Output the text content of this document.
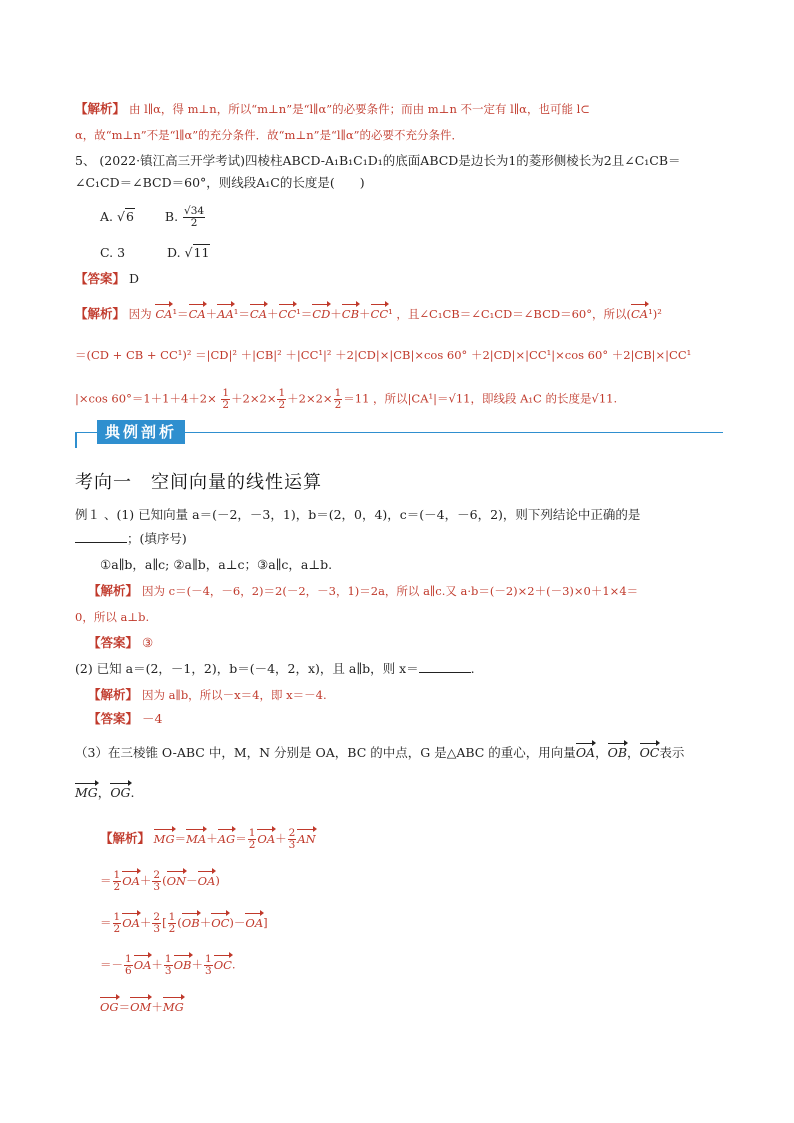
【解析】 由 l∥α，得 m⊥n，所以“m⊥n”是“l∥α”的必要条件；而由 m⊥n 不一定有 l∥α，也可能 l⊂
α，故“m⊥n”不是“l∥α”的充分条件．故“m⊥n”是“l∥α”的必要不充分条件．
5、 (2022·镇江高三开学考试)四棱柱ABCD-A₁B₁C₁D₁的底面ABCD是边长为1的菱形侧棱长为2且∠C₁CB＝
∠C₁CD＝∠BCD＝60°，则线段A₁C的长度是(　　)
A. √6 B. $\frac{√34}{2}$
C. 3	D. √11
【答案】 D
【解析】 因为 CA¹＝CA＋AA¹＝CA＋CC¹＝CD＋CB＋CC¹ ，且∠C₁CB＝∠C₁CD＝∠BCD＝60°，所以(CA¹)²
＝(CD + CB + CC¹)² ＝|CD|² ＋|CB|² ＋|CC¹|² ＋2|CD|×|CB|×cos 60° ＋2|CD|×|CC¹|×cos 60° ＋2|CB|×|CC¹
|×cos $60^\circ=1+1+4+2\times \frac{1}{2} +2\times 2\times \frac{1}{2} +2\times 2\times \frac{1}{2} =11$ ，所以|CA¹|＝√11，即线段 A₁C 的长度是√11.
典例剖析
考向一　空间向量的线性运算
例１ 、(1) 已知向量 a＝(－2，－3，1)，b＝(2，0，4)，c＝(－4，－6，2)，则下列结论中正确的是
；(填序号)
①a∥b，a∥c; ②a∥b，a⊥c；③a∥c，a⊥b.
【解析】 因为 c＝(－4，－6，2)＝2(－2，－3，1)＝2a，所以 a∥c.又 a·b＝(－2)×2＋(－3)×0＋1×4＝
0，所以 a⊥b.
【答案】 ③
(2) 已知 a＝(2，－1，2)，b＝(－4，2，x)，且 a∥b，则 x＝	.
【解析】 因为 a∥b，所以－x＝4，即 x＝－4.
【答案】 －4
（3）在三棱锥 O-ABC 中，M，N 分别是 OA，BC 的中点，G 是△ABC 的重心，用向量OA，OB，OC表示
MG，OG.
【解析】 $MG=MA+AG= \frac{1}{2} OA+ \frac{2}{3}$ AN
＝ $\frac{1}{2} OA+ \frac{2}{3} (ON-OA)$
＝ $\frac{1}{2} OA+ \frac{2}{3}$ [ $\frac{1}{2} (OB+OC)-OA$]
＝－ $\frac{1}{6} OA+ \frac{1}{3} OB+ \frac{1}{3}$ OC.
OG＝OM＋MG
